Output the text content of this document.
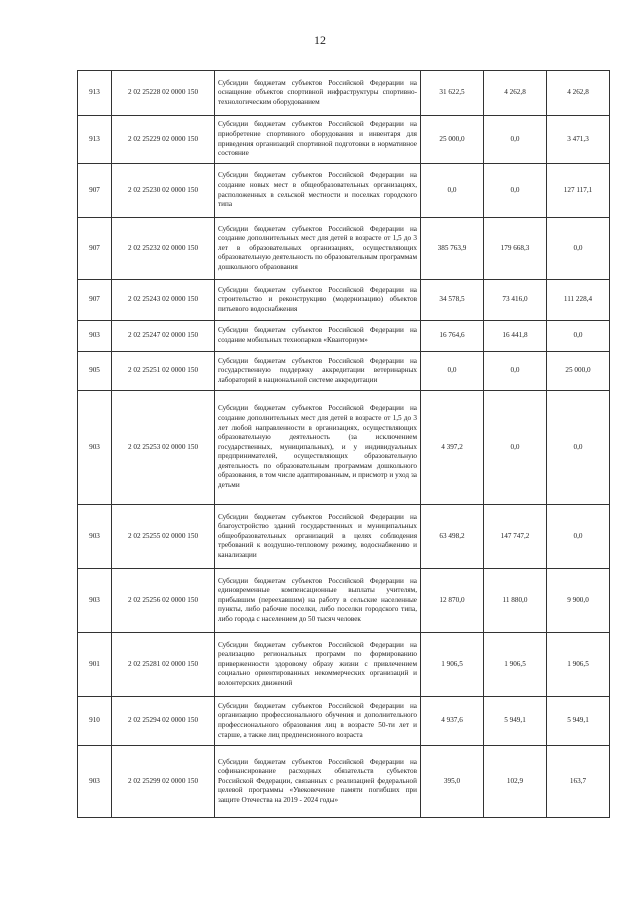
12
913	2 02 25228 02 0000 150	Субсидии бюджетам субъектов Российской Федерации на оснащение объектов спортивной инфраструктуры спортивно-технологическим оборудованием	31 622,5	4 262,8	4 262,8
913	2 02 25229 02 0000 150	Субсидии бюджетам субъектов Российской Федерации на приобретение спортивного оборудования и инвентаря для приведения организаций спортивной подготовки в нормативное состояние	25 000,0	0,0	3 471,3
907	2 02 25230 02 0000 150	Субсидии бюджетам субъектов Российской Федерации на создание новых мест в общеобразовательных организациях, расположенных в сельской местности и поселках городского типа	0,0	0,0	127 117,1
907	2 02 25232 02 0000 150	Субсидии бюджетам субъектов Российской Федерации на создание дополнительных мест для детей в возрасте от 1,5 до 3 лет в образовательных организациях, осуществляющих образовательную деятельность по образовательным программам дошкольного образования	385 763,9	179 668,3	0,0
907	2 02 25243 02 0000 150	Субсидии бюджетам субъектов Российской Федерации на строительство и реконструкцию (модернизацию) объектов питьевого водоснабжения	34 578,5	73 416,0	111 228,4
903	2 02 25247 02 0000 150	Субсидии бюджетам субъектов Российской Федерации на создание мобильных технопарков «Кванториум»	16 764,6	16 441,8	0,0
905	2 02 25251 02 0000 150	Субсидии бюджетам субъектов Российской Федерации на государственную поддержку аккредитации ветеринарных лабораторий в национальной системе аккредитации	0,0	0,0	25 000,0
903	2 02 25253 02 0000 150	Субсидии бюджетам субъектов Российской Федерации на создание дополнительных мест для детей в возрасте от 1,5 до 3 лет любой направленности в организациях, осуществляющих образовательную деятельность (за исключением государственных, муниципальных), и у индивидуальных предпринимателей, осуществляющих образовательную деятельность по образовательным программам дошкольного образования, в том числе адаптированным, и присмотр и уход за детьми	4 397,2	0,0	0,0
903	2 02 25255 02 0000 150	Субсидии бюджетам субъектов Российской Федерации на благоустройство зданий государственных и муниципальных общеобразовательных организаций в целях соблюдения требований к воздушно-тепловому режиму, водоснабжению и канализации	63 498,2	147 747,2	0,0
903	2 02 25256 02 0000 150	Субсидии бюджетам субъектов Российской Федерации на единовременные компенсационные выплаты учителям, прибывшим (переехавшим) на работу в сельские населенные пункты, либо рабочие поселки, либо поселки городского типа, либо города с населением до 50 тысяч человек	12 870,0	11 880,0	9 900,0
901	2 02 25281 02 0000 150	Субсидии бюджетам субъектов Российской Федерации на реализацию региональных программ по формированию приверженности здоровому образу жизни с привлечением социально ориентированных некоммерческих организаций и волонтерских движений	1 906,5	1 906,5	1 906,5
910	2 02 25294 02 0000 150	Субсидии бюджетам субъектов Российской Федерации на организацию профессионального обучения и дополнительного профессионального образования лиц в возрасте 50-ти лет и старше, а также лиц предпенсионного возраста	4 937,6	5 949,1	5 949,1
903	2 02 25299 02 0000 150	Субсидии бюджетам субъектов Российской Федерации на софинансирование расходных обязательств субъектов Российской Федерации, связанных с реализацией федеральной целевой программы «Увековечение памяти погибших при защите Отечества на 2019 - 2024 годы»	395,0	102,9	163,7
